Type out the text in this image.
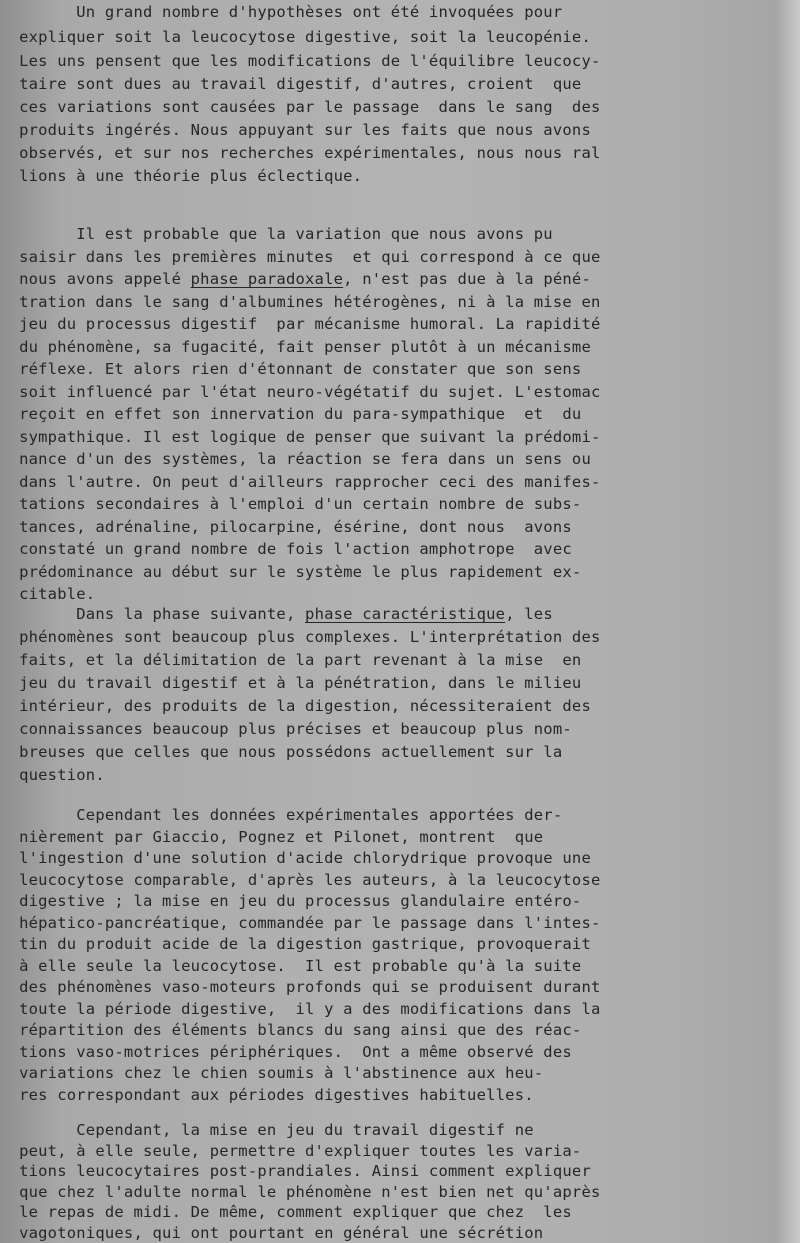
Un grand nombre d'hypothèses ont été invoquées pour
expliquer soit la leucocytose digestive, soit la leucopénie.
Les uns pensent que les modifications de l'équilibre leucocy-
taire sont dues au travail digestif, d'autres, croient  que
ces variations sont causées par le passage  dans le sang  des
produits ingérés. Nous appuyant sur les faits que nous avons
observés, et sur nos recherches expérimentales, nous nous ral
lions à une théorie plus éclectique.
Il est probable que la variation que nous avons pu
saisir dans les premières minutes  et qui correspond à ce que
nous avons appelé phase paradoxale, n'est pas due à la péné-
tration dans le sang d'albumines hétérogènes, ni à la mise en
jeu du processus digestif  par mécanisme humoral. La rapidité
du phénomène, sa fugacité, fait penser plutôt à un mécanisme
réflexe. Et alors rien d'étonnant de constater que son sens
soit influencé par l'état neuro-végétatif du sujet. L'estomac
reçoit en effet son innervation du para-sympathique  et  du
sympathique. Il est logique de penser que suivant la prédomi-
nance d'un des systèmes, la réaction se fera dans un sens ou
dans l'autre. On peut d'ailleurs rapprocher ceci des manifes-
tations secondaires à l'emploi d'un certain nombre de subs-
tances, adrénaline, pilocarpine, ésérine, dont nous  avons
constaté un grand nombre de fois l'action amphotrope  avec
prédominance au début sur le système le plus rapidement ex-
Dans la phase suivante, phase caractéristique, les
phénomènes sont beaucoup plus complexes. L'interprétation des
faits, et la délimitation de la part revenant à la mise  en
jeu du travail digestif et à la pénétration, dans le milieu
intérieur, des produits de la digestion, nécessiteraient des
connaissances beaucoup plus précises et beaucoup plus nom-
breuses que celles que nous possédons actuellement sur la
question.
Cependant les données expérimentales apportées der-
nièrement par Giaccio, Pognez et Pilonet, montrent  que
l'ingestion d'une solution d'acide chlorydrique provoque une
leucocytose comparable, d'après les auteurs, à la leucocytose
digestive ; la mise en jeu du processus glandulaire entéro-
hépatico-pancréatique, commandée par le passage dans l'intes-
tin du produit acide de la digestion gastrique, provoquerait
à elle seule la leucocytose.  Il est probable qu'à la suite
des phénomènes vaso-moteurs profonds qui se produisent durant
toute la période digestive,  il y a des modifications dans la
répartition des éléments blancs du sang ainsi que des réac-
tions vaso-motrices périphériques.  Ont a même observé des
variations chez le chien soumis à l'abstinence aux heu-
Cependant, la mise en jeu du travail digestif ne
peut, à elle seule, permettre d'expliquer toutes les varia-
tions leucocytaires post-prandiales. Ainsi comment expliquer
que chez l'adulte normal le phénomène n'est bien net qu'après
le repas de midi. De même, comment expliquer que chez  les
vagotoniques, qui ont pourtant en général une sécrétion
citable.
res correspondant aux périodes digestives habituelles.
